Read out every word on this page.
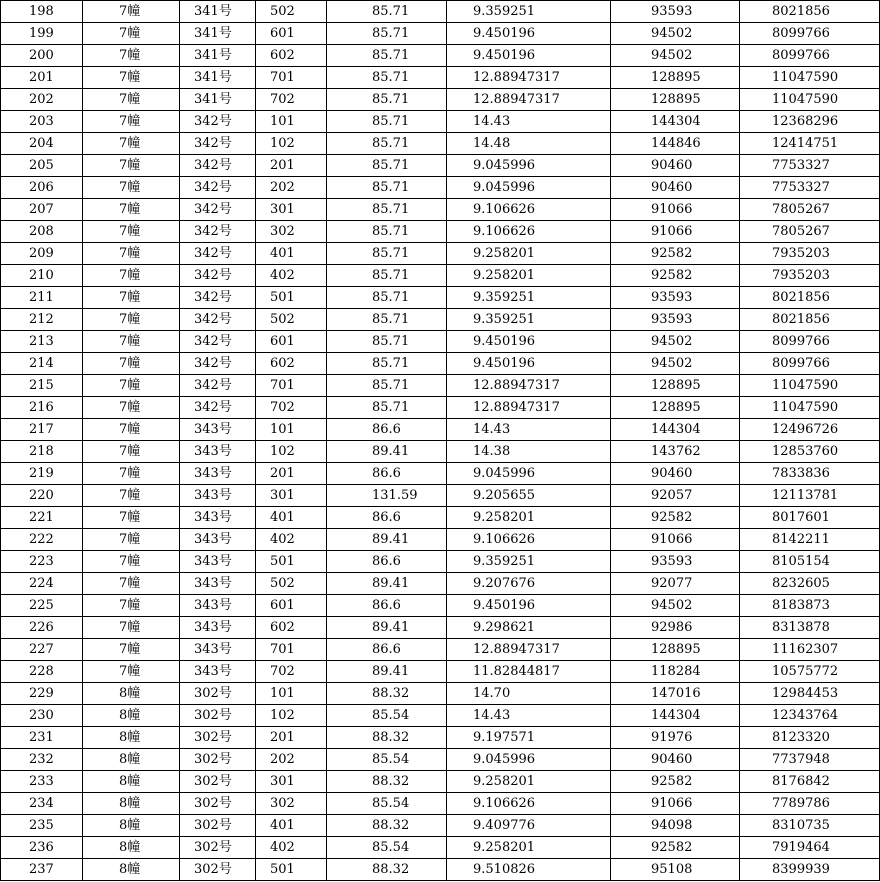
198	7幢	341号	502	85.71	9.359251	93593	8021856
199	7幢	341号	601	85.71	9.450196	94502	8099766
200	7幢	341号	602	85.71	9.450196	94502	8099766
201	7幢	341号	701	85.71	12.88947317	128895	11047590
202	7幢	341号	702	85.71	12.88947317	128895	11047590
203	7幢	342号	101	85.71	14.43	144304	12368296
204	7幢	342号	102	85.71	14.48	144846	12414751
205	7幢	342号	201	85.71	9.045996	90460	7753327
206	7幢	342号	202	85.71	9.045996	90460	7753327
207	7幢	342号	301	85.71	9.106626	91066	7805267
208	7幢	342号	302	85.71	9.106626	91066	7805267
209	7幢	342号	401	85.71	9.258201	92582	7935203
210	7幢	342号	402	85.71	9.258201	92582	7935203
211	7幢	342号	501	85.71	9.359251	93593	8021856
212	7幢	342号	502	85.71	9.359251	93593	8021856
213	7幢	342号	601	85.71	9.450196	94502	8099766
214	7幢	342号	602	85.71	9.450196	94502	8099766
215	7幢	342号	701	85.71	12.88947317	128895	11047590
216	7幢	342号	702	85.71	12.88947317	128895	11047590
217	7幢	343号	101	86.6	14.43	144304	12496726
218	7幢	343号	102	89.41	14.38	143762	12853760
219	7幢	343号	201	86.6	9.045996	90460	7833836
220	7幢	343号	301	131.59	9.205655	92057	12113781
221	7幢	343号	401	86.6	9.258201	92582	8017601
222	7幢	343号	402	89.41	9.106626	91066	8142211
223	7幢	343号	501	86.6	9.359251	93593	8105154
224	7幢	343号	502	89.41	9.207676	92077	8232605
225	7幢	343号	601	86.6	9.450196	94502	8183873
226	7幢	343号	602	89.41	9.298621	92986	8313878
227	7幢	343号	701	86.6	12.88947317	128895	11162307
228	7幢	343号	702	89.41	11.82844817	118284	10575772
229	8幢	302号	101	88.32	14.70	147016	12984453
230	8幢	302号	102	85.54	14.43	144304	12343764
231	8幢	302号	201	88.32	9.197571	91976	8123320
232	8幢	302号	202	85.54	9.045996	90460	7737948
233	8幢	302号	301	88.32	9.258201	92582	8176842
234	8幢	302号	302	85.54	9.106626	91066	7789786
235	8幢	302号	401	88.32	9.409776	94098	8310735
236	8幢	302号	402	85.54	9.258201	92582	7919464
237	8幢	302号	501	88.32	9.510826	95108	8399939
